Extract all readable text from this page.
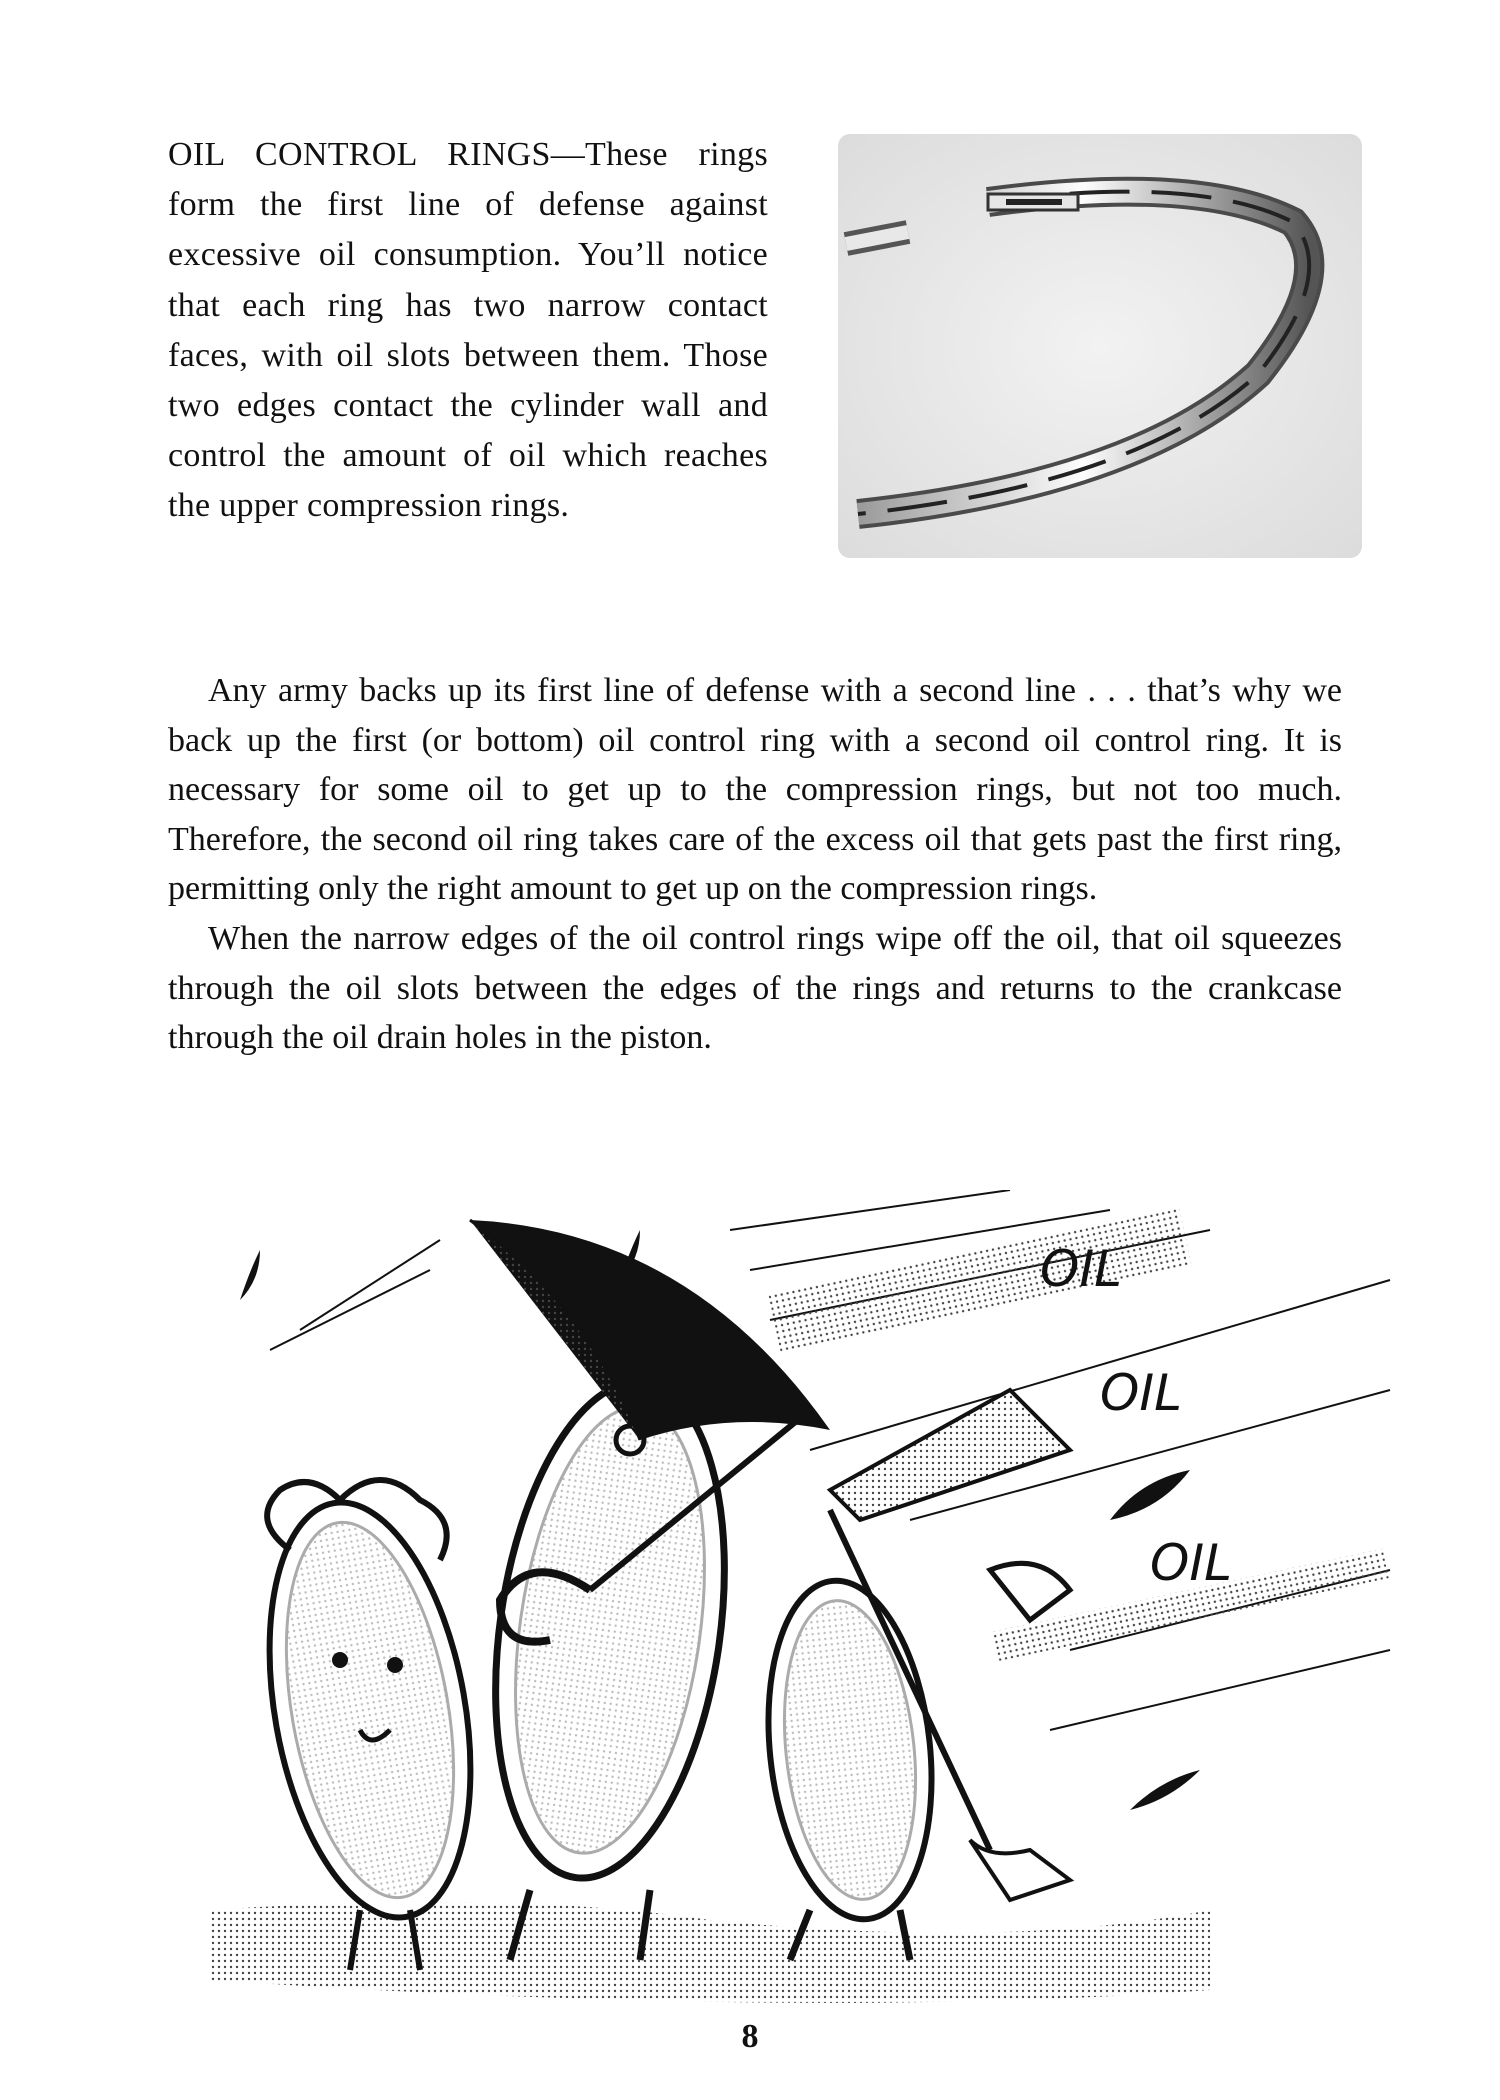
OIL CONTROL RINGS—These rings form the first line of defense against excessive oil consumption. You’ll notice that each ring has two narrow contact faces, with oil slots between them. Those two edges contact the cylinder wall and control the amount of oil which reaches the upper compression rings.

Any army backs up its first line of defense with a second line . . . that’s why we back up the first (or bottom) oil control ring with a second oil control ring. It is necessary for some oil to get up to the compression rings, but not too much. Therefore, the second oil ring takes care of the excess oil that gets past the first ring, permitting only the right amount to get up on the compression rings.

When the narrow edges of the oil control rings wipe off the oil, that oil squeezes through the oil slots between the edges of the rings and returns to the crankcase through the oil drain holes in the piston.

OIL
OIL
OIL
8
